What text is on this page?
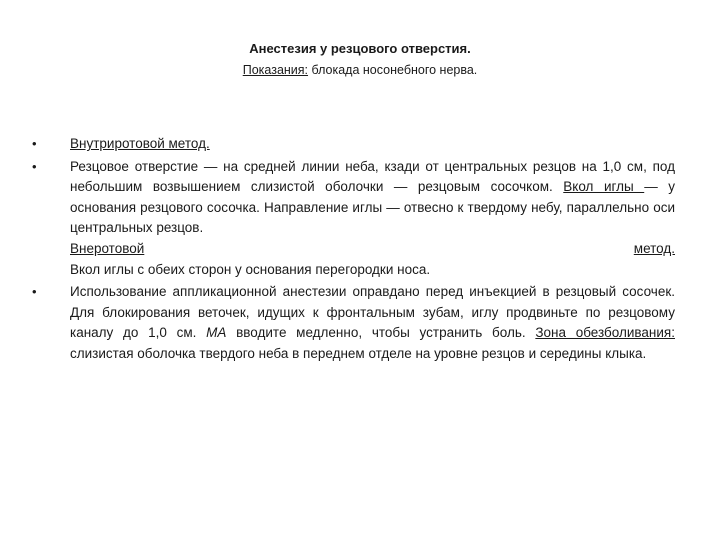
Анестезия у резцового отверстия.
Показания: блокада носонебного нерва.
• Внутриротовой метод.
• Резцовое отверстие — на средней линии неба, кзади от центральных резцов на 1,0 см, под небольшим возвышением слизистой оболочки — резцовым сосочком. Вкол иглы — у основания резцового сосочка. Направление иглы — отвесно к твердому небу, параллельно оси центральных резцов.
Внеротовой	метод.
Вкол иглы с обеих сторон у основания перегородки носа.
• Использование аппликационной анестезии оправдано перед инъекцией в резцовый сосочек. Для блокирования веточек, идущих к фронтальным зубам, иглу продвиньте по резцовому каналу до 1,0 см. МА вводите медленно, чтобы устранить боль. Зона обезболивания: слизистая оболочка твердого неба в переднем отделе на уровне резцов и середины клыка.
